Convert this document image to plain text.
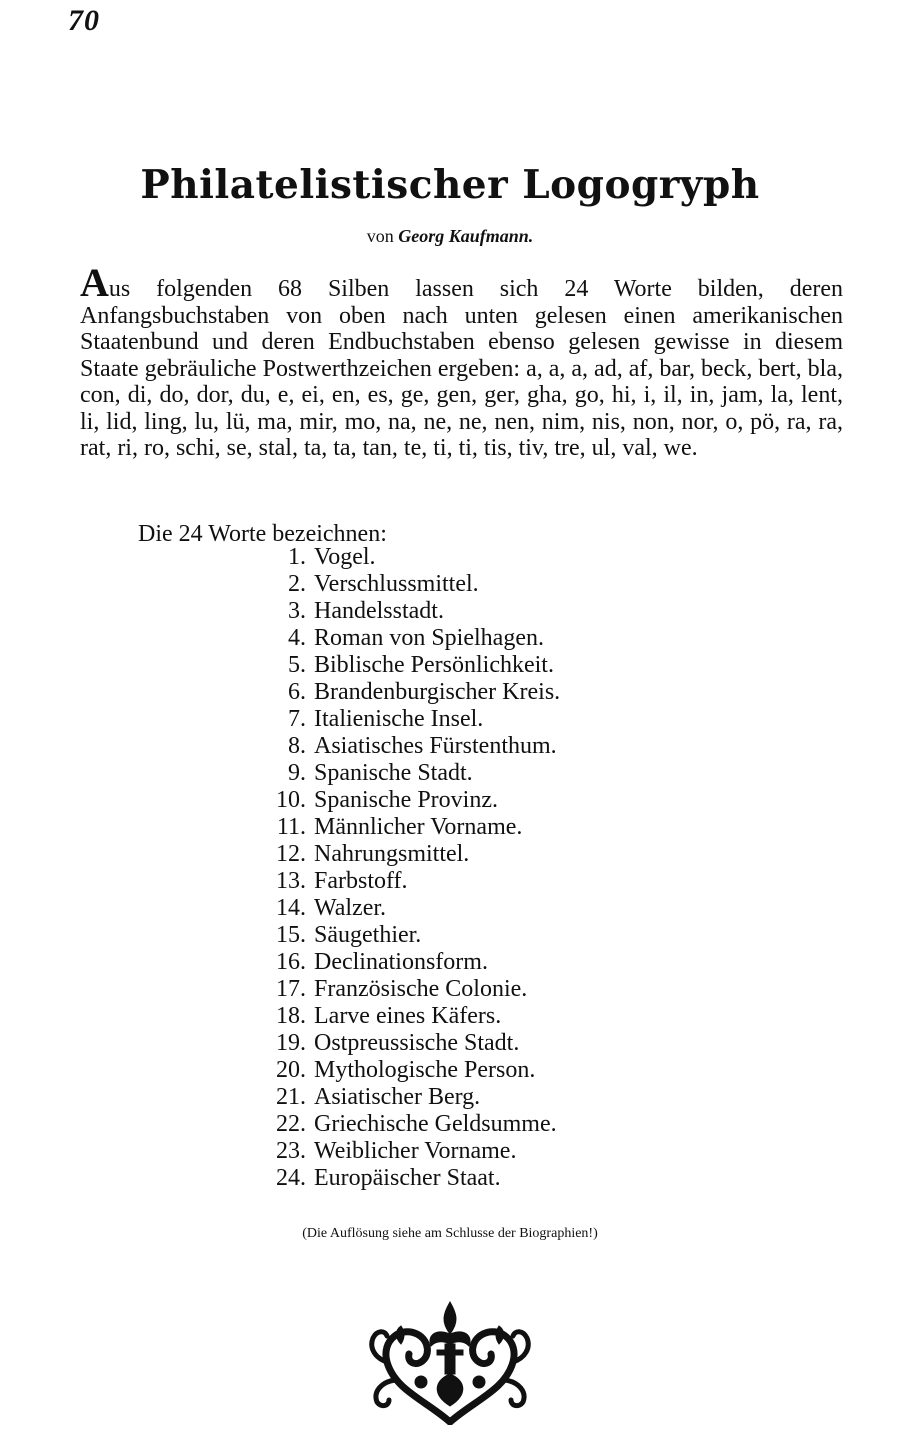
70
Philatelistischer Logogryph
von Georg Kaufmann.
Aus folgenden 68 Silben lassen sich 24 Worte bilden, deren Anfangsbuchstaben von oben nach unten gelesen einen amerikanischen Staatenbund und deren Endbuchstaben ebenso gelesen gewisse in diesem Staate gebräuliche Postwerthzeichen ergeben: a, a, a, ad, af, bar, beck, bert, bla, con, di, do, dor, du, e, ei, en, es, ge, gen, ger, gha, go, hi, i, il, in, jam, la, lent, li, lid, ling, lu, lü, ma, mir, mo, na, ne, ne, nen, nim, nis, non, nor, o, pö, ra, ra, rat, ri, ro, schi, se, stal, ta, ta, tan, te, ti, ti, tis, tiv, tre, ul, val, we.
Die 24 Worte bezeichnen:
1. Vogel.
2. Verschlussmittel.
3. Handelsstadt.
4. Roman von Spielhagen.
5. Biblische Persönlichkeit.
6. Brandenburgischer Kreis.
7. Italienische Insel.
8. Asiatisches Fürstenthum.
9. Spanische Stadt.
10. Spanische Provinz.
11. Männlicher Vorname.
12. Nahrungsmittel.
13. Farbstoff.
14. Walzer.
15. Säugethier.
16. Declinationsform.
17. Französische Colonie.
18. Larve eines Käfers.
19. Ostpreussische Stadt.
20. Mythologische Person.
21. Asiatischer Berg.
22. Griechische Geldsumme.
23. Weiblicher Vorname.
24. Europäischer Staat.
(Die Auflösung siehe am Schlusse der Biographien!)
